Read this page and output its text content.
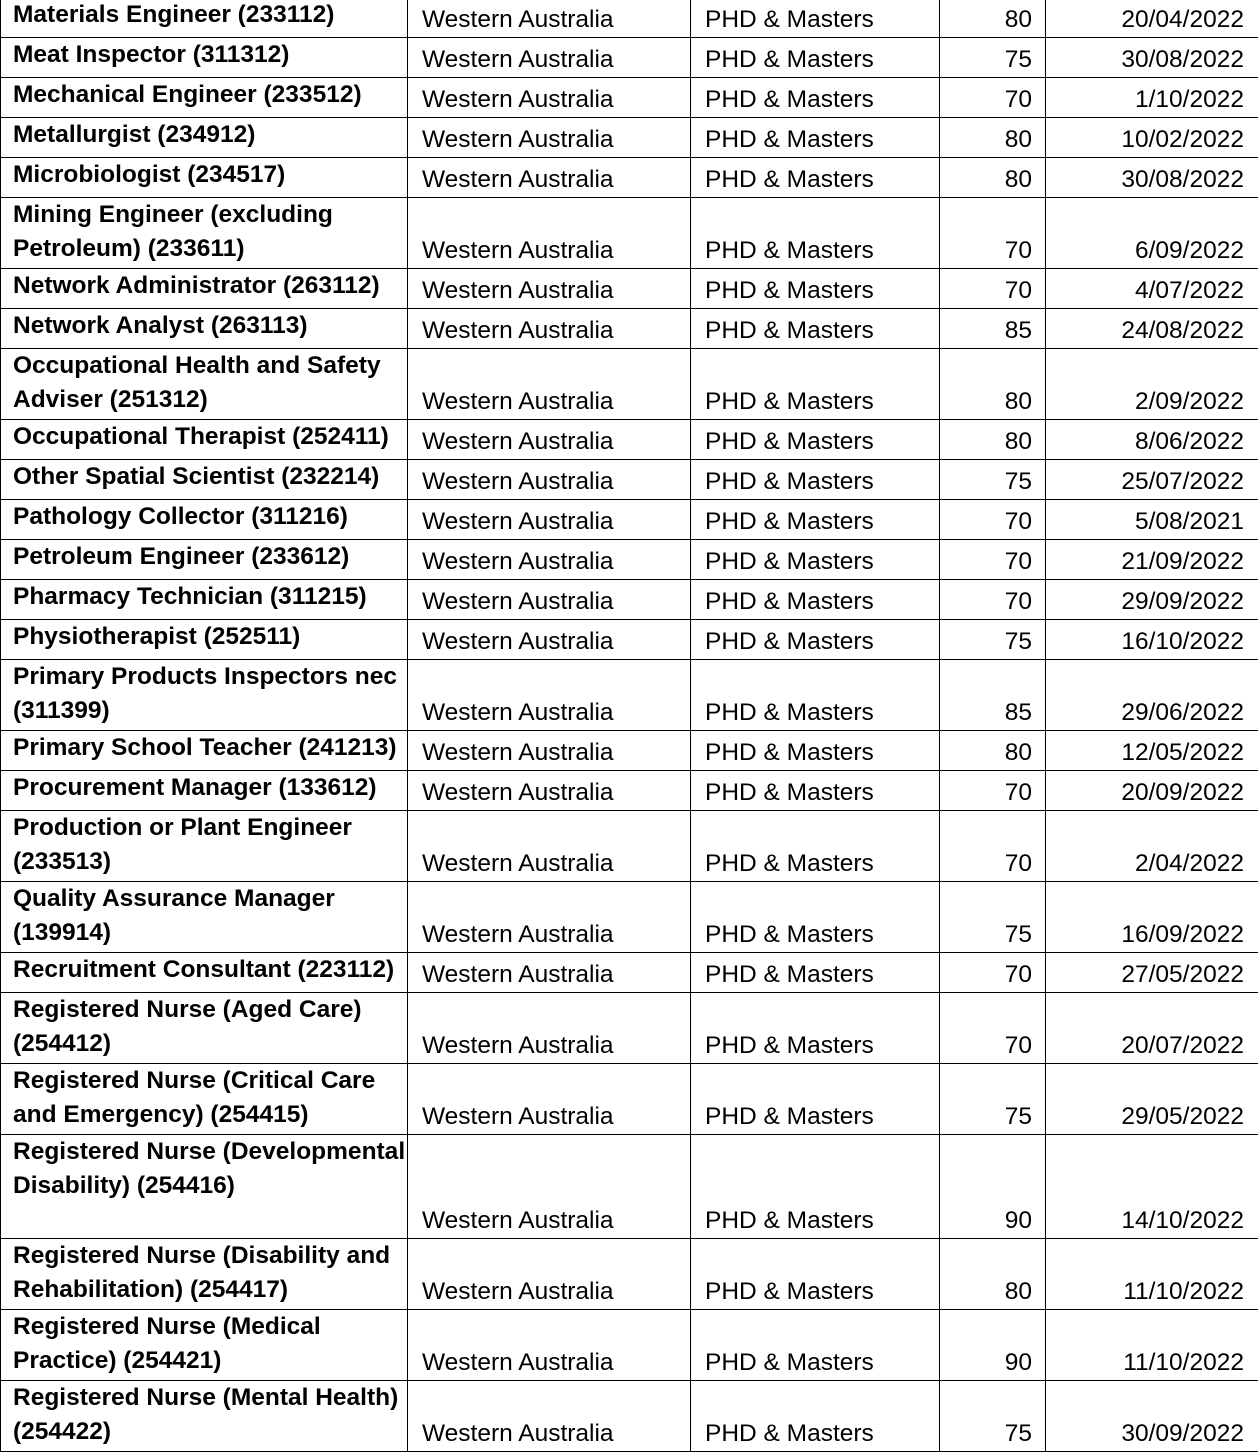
Materials Engineer (233112)	Western Australia	PHD & Masters	80	20/04/2022
Meat Inspector (311312)	Western Australia	PHD & Masters	75	30/08/2022
Mechanical Engineer (233512)	Western Australia	PHD & Masters	70	1/10/2022
Metallurgist (234912)	Western Australia	PHD & Masters	80	10/02/2022
Microbiologist (234517)	Western Australia	PHD & Masters	80	30/08/2022
Mining Engineer (excluding Petroleum) (233611)	Western Australia	PHD & Masters	70	6/09/2022
Network Administrator (263112)	Western Australia	PHD & Masters	70	4/07/2022
Network Analyst (263113)	Western Australia	PHD & Masters	85	24/08/2022
Occupational Health and Safety Adviser (251312)	Western Australia	PHD & Masters	80	2/09/2022
Occupational Therapist (252411)	Western Australia	PHD & Masters	80	8/06/2022
Other Spatial Scientist (232214)	Western Australia	PHD & Masters	75	25/07/2022
Pathology Collector (311216)	Western Australia	PHD & Masters	70	5/08/2021
Petroleum Engineer (233612)	Western Australia	PHD & Masters	70	21/09/2022
Pharmacy Technician (311215)	Western Australia	PHD & Masters	70	29/09/2022
Physiotherapist (252511)	Western Australia	PHD & Masters	75	16/10/2022
Primary Products Inspectors nec (311399)	Western Australia	PHD & Masters	85	29/06/2022
Primary School Teacher (241213)	Western Australia	PHD & Masters	80	12/05/2022
Procurement Manager (133612)	Western Australia	PHD & Masters	70	20/09/2022
Production or Plant Engineer (233513)	Western Australia	PHD & Masters	70	2/04/2022
Quality Assurance Manager (139914)	Western Australia	PHD & Masters	75	16/09/2022
Recruitment Consultant (223112)	Western Australia	PHD & Masters	70	27/05/2022
Registered Nurse (Aged Care) (254412)	Western Australia	PHD & Masters	70	20/07/2022
Registered Nurse (Critical Care and Emergency) (254415)	Western Australia	PHD & Masters	75	29/05/2022
Registered Nurse (Developmental Disability) (254416)	Western Australia	PHD & Masters	90	14/10/2022
Registered Nurse (Disability and Rehabilitation) (254417)	Western Australia	PHD & Masters	80	11/10/2022
Registered Nurse (Medical Practice) (254421)	Western Australia	PHD & Masters	90	11/10/2022
Registered Nurse (Mental Health) (254422)	Western Australia	PHD & Masters	75	30/09/2022
